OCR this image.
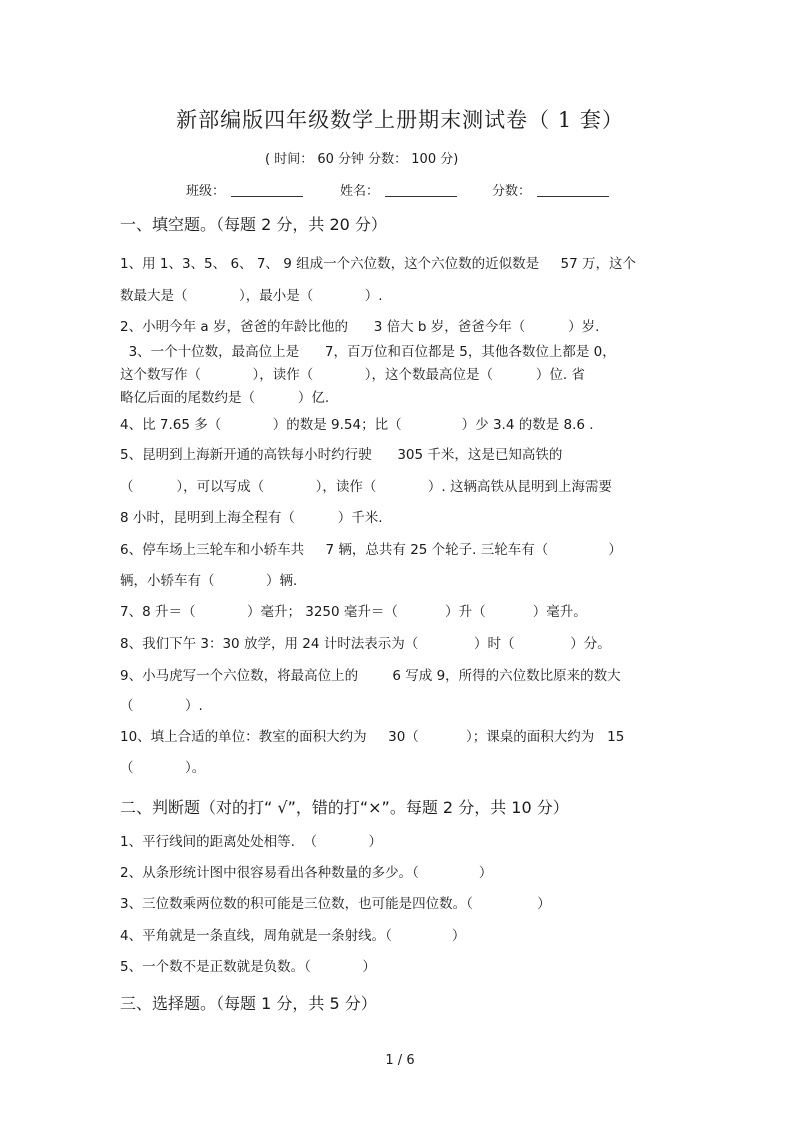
新部编版四年级数学上册期末测试卷（ 1 套）
( 时间： 60 分钟 分数： 100 分)
班级：	姓名：	分数：
一、填空题。（每题 2 分，共 20 分）
1、用 1、3、5、 6、 7、 9 组成一个六位数，这个六位数的近似数是     57 万，这个
数最大是（            ），最小是（            ）.
2、小明今年 a 岁，爸爸的年龄比他的      3 倍大 b 岁，爸爸今年（          ）岁.
3、一个十位数，最高位上是      7，百万位和百位都是 5，其他各数位上都是 0，
这个数写作（            ），读作（            ），这个数最高位是（          ）位. 省
略亿后面的尾数约是（          ）亿.
4、比 7.65 多（            ）的数是 9.54；比（              ）少 3.4 的数是 8.6 .
5、昆明到上海新开通的高铁每小时约行驶      305 千米，这是已知高铁的
（          ），可以写成（            ），读作（            ）. 这辆高铁从昆明到上海需要
8 小时，昆明到上海全程有（          ）千米.
6、停车场上三轮车和小轿车共     7 辆，总共有 25 个轮子. 三轮车有（              ）
辆，小轿车有（            ）辆.
7、8 升＝（            ）毫升； 3250 毫升＝（           ）升（           ）毫升。
8、我们下午 3：30 放学，用 24 计时法表示为（             ）时（             ）分。
9、小马虎写一个六位数，将最高位上的        6 写成 9，所得的六位数比原来的数大
（            ）.
10、填上合适的单位：教室的面积大约为     30（           ）；课桌的面积大约为   15
（            ）。
二、判断题（对的打“ √”，错的打“×”。每题 2 分，共 10 分）
1、平行线间的距离处处相等.  （            ）
2、从条形统计图中很容易看出各种数量的多少。（              ）
3、三位数乘两位数的积可能是三位数，也可能是四位数。（               ）
4、平角就是一条直线，周角就是一条射线。（              ）
5、一个数不是正数就是负数。（            ）
三、选择题。（每题 1 分，共 5 分）
1 / 6
